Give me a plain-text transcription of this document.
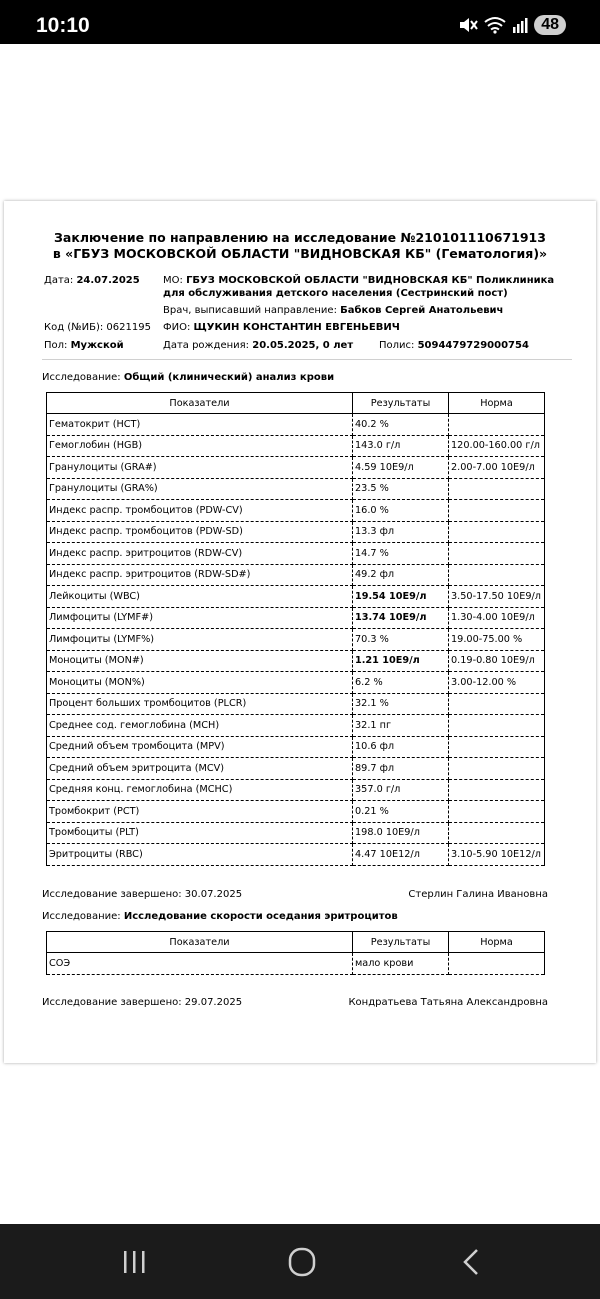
10:10	48
Заключение по направлению на исследование №210101110671913
в «ГБУЗ МОСКОВСКОЙ ОБЛАСТИ "ВИДНОВСКАЯ КБ" (Гематология)»
Дата: 24.07.2025 МО: ГБУЗ МОСКОВСКОЙ ОБЛАСТИ "ВИДНОВСКАЯ КБ" Поликлиника
для обслуживания детского населения (Сестринский пост)
Врач, выписавший направление: Бабков Сергей Анатольевич
Код (№ИБ): 0621195 ФИО: ЩУКИН КОНСТАНТИН ЕВГЕНЬЕВИЧ
Пол: Мужской	Дата рождения: 20.05.2025, 0 лет	Полис: 5094479729000754
Исследование: Общий (клинический) анализ крови
Показатели	Результаты	Норма
Гематокрит (HCT)	40.2 %	
Гемоглобин (HGB)	143.0 г/л	120.00-160.00 г/л
Гранулоциты (GRA#)	4.59 10E9/л	2.00-7.00 10E9/л
Гранулоциты (GRA%)	23.5 %	
Индекс распр. тромбоцитов (PDW-CV)	16.0 %	
Индекс распр. тромбоцитов (PDW-SD)	13.3 фл	
Индекс распр. эритроцитов (RDW-CV)	14.7 %	
Индекс распр. эритроцитов (RDW-SD#)	49.2 фл	
Лейкоциты (WBC)	19.54 10E9/л	3.50-17.50 10E9/л
Лимфоциты (LYMF#)	13.74 10E9/л	1.30-4.00 10E9/л
Лимфоциты (LYMF%)	70.3 %	19.00-75.00 %
Моноциты (MON#)	1.21 10E9/л	0.19-0.80 10E9/л
Моноциты (MON%)	6.2 %	3.00-12.00 %
Процент больших тромбоцитов (PLCR)	32.1 %	
Среднее сод. гемоглобина (MCH)	32.1 пг	
Средний объем тромбоцита (MPV)	10.6 фл	
Средний объем эритроцита (MCV)	89.7 фл	
Средняя конц. гемоглобина (MCHC)	357.0 г/л	
Тромбокрит (PCT)	0.21 %	
Тромбоциты (PLT)	198.0 10E9/л	
Эритроциты (RBC)	4.47 10E12/л	3.10-5.90 10E12/л
Исследование завершено: 30.07.2025	Стерлин Галина Ивановна
Исследование: Исследование скорости оседания эритроцитов
Показатели	Результаты	Норма
СОЭ	мало крови	
Исследование завершено: 29.07.2025	Кондратьева Татьяна Александровна
